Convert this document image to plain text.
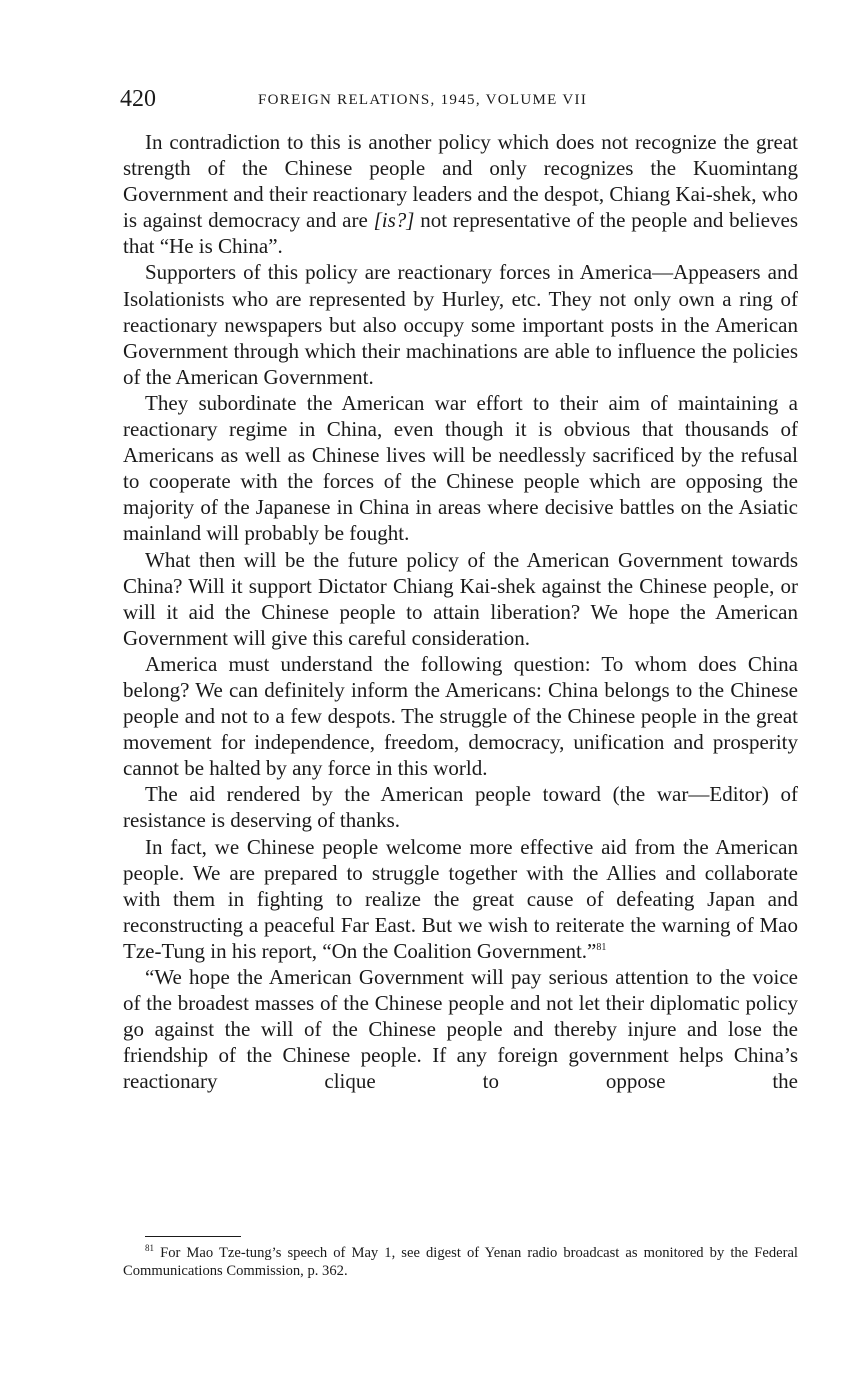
420	FOREIGN RELATIONS, 1945, VOLUME VII

In contradiction to this is another policy which does not recognize the great strength of the Chinese people and only recognizes the Kuomintang Government and their reactionary leaders and the despot, Chiang Kai-shek, who is against democracy and are [is?] not representative of the people and believes that “He is China”.

Supporters of this policy are reactionary forces in America—Appeasers and Isolationists who are represented by Hurley, etc. They not only own a ring of reactionary newspapers but also occupy some important posts in the American Government through which their machinations are able to influence the policies of the American Government.

They subordinate the American war effort to their aim of maintaining a reactionary regime in China, even though it is obvious that thousands of Americans as well as Chinese lives will be needlessly sacrificed by the refusal to cooperate with the forces of the Chinese people which are opposing the majority of the Japanese in China in areas where decisive battles on the Asiatic mainland will probably be fought.

What then will be the future policy of the American Government towards China? Will it support Dictator Chiang Kai-shek against the Chinese people, or will it aid the Chinese people to attain liberation? We hope the American Government will give this careful consideration.

America must understand the following question: To whom does China belong? We can definitely inform the Americans: China belongs to the Chinese people and not to a few despots. The struggle of the Chinese people in the great movement for independence, freedom, democracy, unification and prosperity cannot be halted by any force in this world.

The aid rendered by the American people toward (the war—Editor) of resistance is deserving of thanks.

In fact, we Chinese people welcome more effective aid from the American people. We are prepared to struggle together with the Allies and collaborate with them in fighting to realize the great cause of defeating Japan and reconstructing a peaceful Far East. But we wish to reiterate the warning of Mao Tze-Tung in his report, “On the Coalition Government.”$^{81}$

“We hope the American Government will pay serious attention to the voice of the broadest masses of the Chinese people and not let their diplomatic policy go against the will of the Chinese people and thereby injure and lose the friendship of the Chinese people. If any foreign government helps China’s reactionary clique to oppose the

$^{81}$ For Mao Tze-tung’s speech of May 1, see digest of Yenan radio broadcast as monitored by the Federal Communications Commission, p. 362.
